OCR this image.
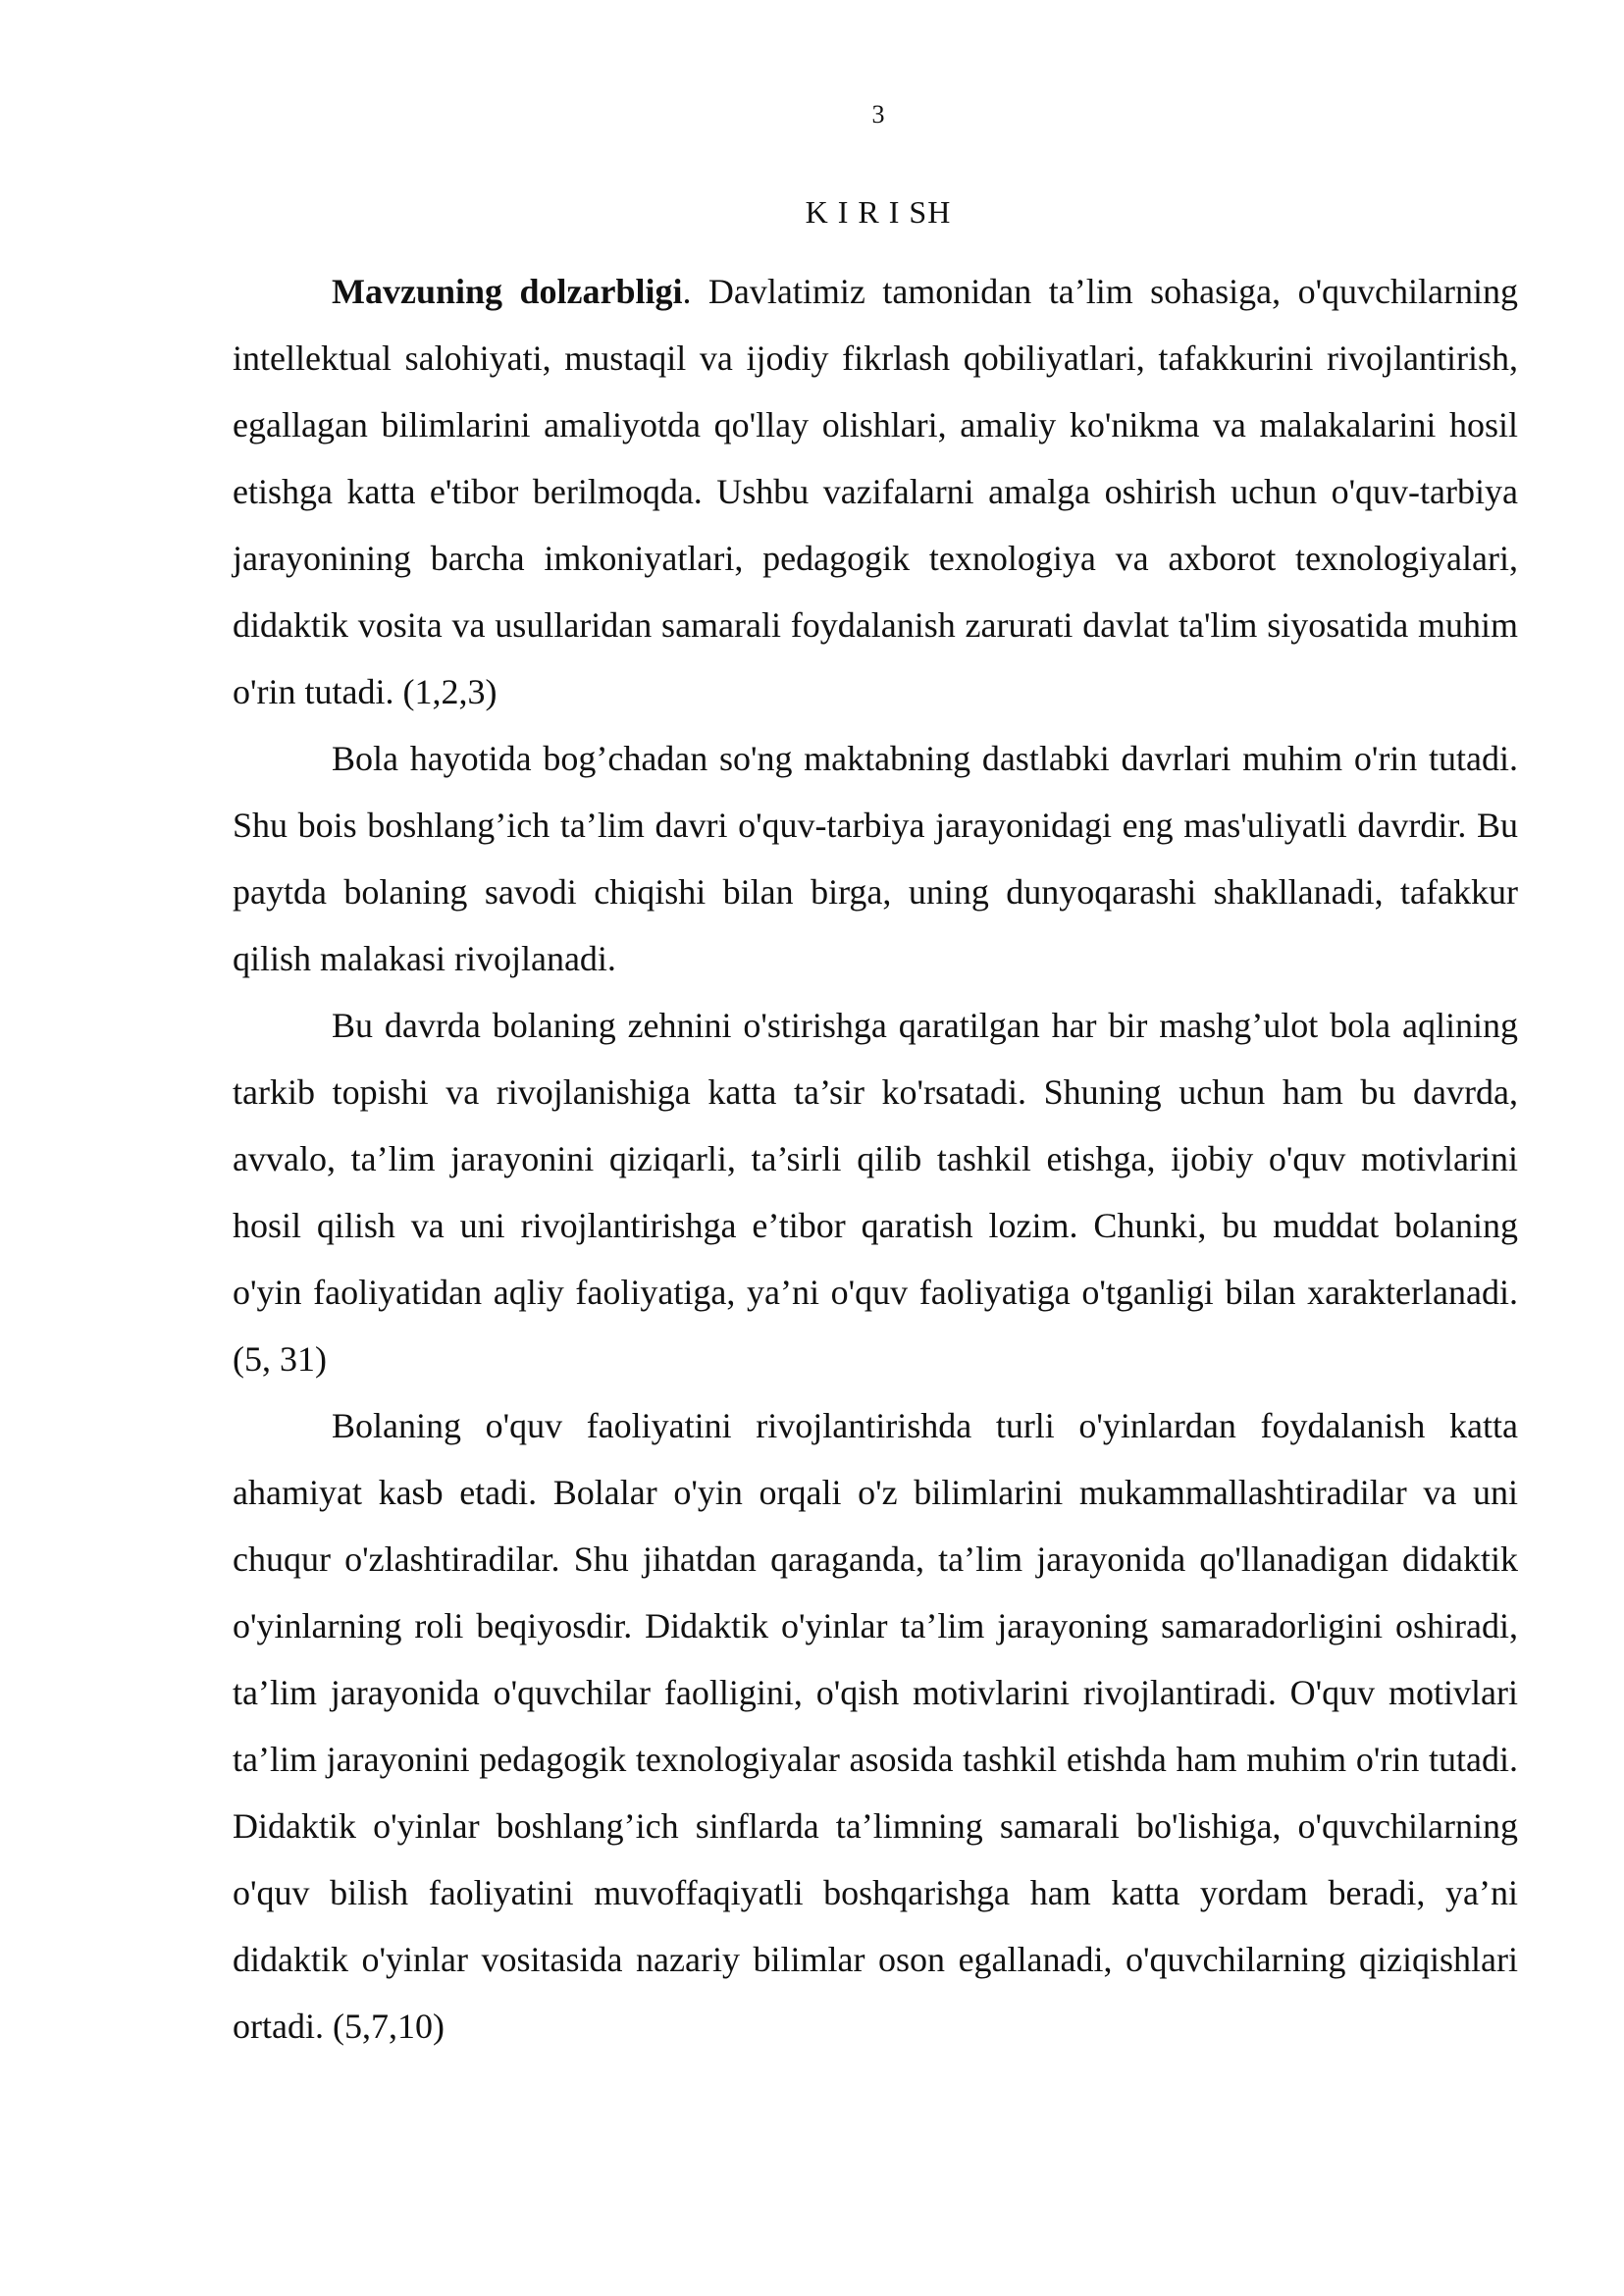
3
K I R I SH

Mavzuning dolzarbligi. Davlatimiz tamonidan ta’lim sohasiga, o'quvchilarning intellektual salohiyati, mustaqil va ijodiy fikrlash qobiliyatlari, tafakkurini rivojlantirish, egallagan bilimlarini amaliyotda qo'llay olishlari, amaliy ko'nikma va malakalarini hosil etishga katta e'tibor berilmoqda. Ushbu vazifalarni amalga oshirish uchun o'quv-tarbiya jarayonining barcha imkoniyatlari, pedagogik texnologiya va axborot texnologiyalari, didaktik vosita va usullaridan samarali foydalanish zarurati davlat ta'lim siyosatida muhim o'rin tutadi. (1,2,3)

Bola hayotida bog’chadan so'ng maktabning dastlabki davrlari muhim o'rin tutadi. Shu bois boshlang’ich ta’lim davri o'quv-tarbiya jarayonidagi eng mas'uliyatli davrdir. Bu paytda bolaning savodi chiqishi bilan birga, uning dunyoqarashi shakllanadi, tafakkur qilish malakasi rivojlanadi.

Bu davrda bolaning zehnini o'stirishga qaratilgan har bir mashg’ulot bola aqlining tarkib topishi va rivojlanishiga katta ta’sir ko'rsatadi. Shuning uchun ham bu davrda, avvalo, ta’lim jarayonini qiziqarli, ta’sirli qilib tashkil etishga, ijobiy o'quv motivlarini hosil qilish va uni rivojlantirishga e’tibor qaratish lozim. Chunki, bu muddat bolaning o'yin faoliyatidan aqliy faoliyatiga, ya’ni o'quv faoliyatiga o'tganligi bilan xarakterlanadi. (5, 31)

Bolaning o'quv faoliyatini rivojlantirishda turli o'yinlardan foydalanish katta ahamiyat kasb etadi. Bolalar o'yin orqali o'z bilimlarini mukammallashtiradilar va uni chuqur o'zlashtiradilar. Shu jihatdan qaraganda, ta’lim jarayonida qo'llanadigan didaktik o'yinlarning roli beqiyosdir. Didaktik o'yinlar ta’lim jarayoning samaradorligini oshiradi, ta’lim jarayonida o'quvchilar faolligini, o'qish motivlarini rivojlantiradi. O'quv motivlari ta’lim jarayonini pedagogik texnologiyalar asosida tashkil etishda ham muhim o'rin tutadi. Didaktik o'yinlar boshlang’ich sinflarda ta’limning samarali bo'lishiga, o'quvchilarning o'quv bilish faoliyatini muvoffaqiyatli boshqarishga ham katta yordam beradi, ya’ni didaktik o'yinlar vositasida nazariy bilimlar oson egallanadi, o'quvchilarning qiziqishlari ortadi. (5,7,10)
